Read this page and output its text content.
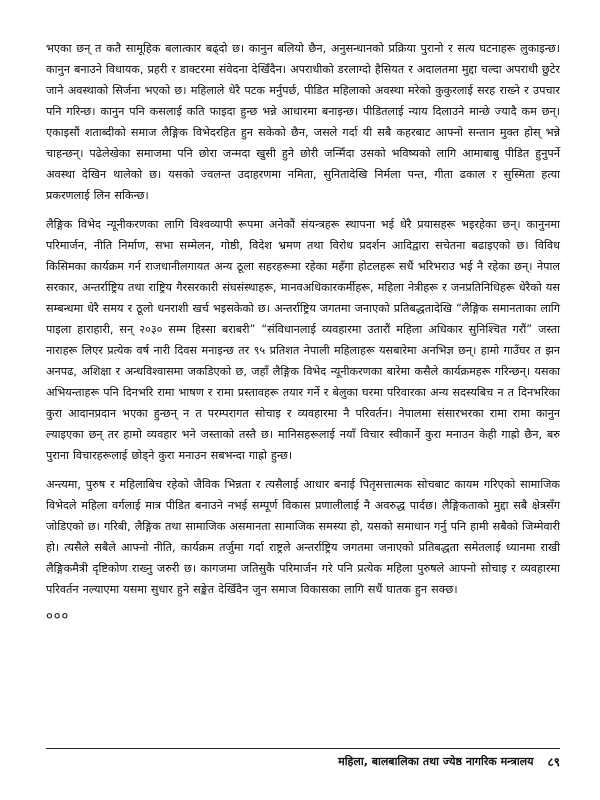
भएका छन् त कतै सामूहिक बलात्कार बढ्दो छ। कानुन बलियो छैन, अनुसन्धानको प्रक्रिया पुरानो र सत्य घटनाहरू लुकाइन्छ। कानुन बनाउने विधायक, प्रहरी र डाक्टरमा संवेदना देखिँदैन। अपराधीको डरलाग्दो हैसियत र अदालतमा मुद्दा चल्दा अपराधी छुटेर जाने अवस्थाको सिर्जना भएको छ। महिलाले धेरै पटक मर्नुपर्छ, पीडित महिलाको अवस्था मरेको कुकुरलाई सरह राख्ने र उपचार पनि गरिन्छ। कानुन पनि कसलाई कति फाइदा हुन्छ भन्ने आधारमा बनाइन्छ। पीडितलाई न्याय दिलाउने मान्छे ज्यादै कम छन्। एकाइसौं शताब्दीको समाज लैङ्गिक विभेदरहित हुन सकेको छैन, जसले गर्दा यी सबै कहरबाट आफ्नो सन्तान मुक्त होस् भन्ने चाहन्छन्। पढेलेखेका समाजमा पनि छोरा जन्मदा खुसी हुने छोरी जन्मिँदा उसको भविष्यको लागि आमाबाबु पीडित हुनुपर्ने अवस्था देखिन थालेको छ। यसको ज्वलन्त उदाहरणमा नमिता, सुनितादेखि निर्मला पन्त, गीता ढकाल र सुस्मिता हत्या प्रकरणलाई लिन सकिन्छ।

लैङ्गिक विभेद न्यूनीकरणका लागि विश्वव्यापी रूपमा अनेकौं संयन्त्रहरू स्थापना भई धेरै प्रयासहरू भइरहेका छन्। कानुनमा परिमार्जन, नीति निर्माण, सभा सम्मेलन, गोष्ठी, विदेश भ्रमण तथा विरोध प्रदर्शन आदिद्वारा सचेतना बढाइएको छ। विविध किसिमका कार्यक्रम गर्न राजधानीलगायत अन्य ठूला सहरहरूमा रहेका महँगा होटलहरू सधैं भरिभराउ भई नै रहेका छन्। नेपाल सरकार, अन्तर्राष्ट्रिय तथा राष्ट्रिय गैरसरकारी संघसंस्थाहरू, मानवअधिकारकर्मीहरू, महिला नेत्रीहरू र जनप्रतिनिधिहरू धेरैको यस सम्बन्धमा धेरै समय र ठूलो धनराशी खर्च भइसकेको छ। अन्तर्राष्ट्रिय जगतमा जनाएको प्रतिबद्धतादेखि “लैङ्गिक समानताका लागि पाइला हाराहारी, सन् २०३० सम्म हिस्सा बराबरी” “संविधानलाई व्यवहारमा उतारौं महिला अधिकार सुनिश्चित गरौं” जस्ता नाराहरू लिएर प्रत्येक वर्ष नारी दिवस मनाइन्छ तर ९५ प्रतिशत नेपाली महिलाहरू यसबारेमा अनभिज्ञ छन्। हामो गाउँघर त झन अनपढ, अशिक्षा र अन्धविश्वासमा जकडिएको छ, जहाँ लैङ्गिक विभेद न्यूनीकरणका बारेमा कसैले कार्यक्रमहरू गरिन्छन्। यसका अभियन्ताहरू पनि दिनभरि रामा भाषण र रामा प्रस्तावहरू तयार गर्ने र बेलुका घरमा परिवारका अन्य सदस्यबिच न त दिनभरिका कुरा आदानप्रदान भएका हुन्छन् न त परम्परागत सोचाइ र व्यवहारमा नै परिवर्तन। नेपालमा संसारभरका रामा रामा कानुन ल्याइएका छन् तर हामो व्यवहार भने जस्ताको तस्तै छ। मानिसहरूलाई नयाँ विचार स्वीकार्ने कुरा मनाउन केही गाह्रो छैन, बरु पुराना विचारहरूलाई छोड्ने कुरा मनाउन सबभन्दा गाह्रो हुन्छ।

अन्त्यमा, पुरुष र महिलाबिच रहेको जैविक भिन्नता र त्यसैलाई आधार बनाई पितृसत्तात्मक सोचबाट कायम गरिएको सामाजिक विभेदले महिला वर्गलाई मात्र पीडित बनाउने नभई सम्पूर्ण विकास प्रणालीलाई नै अवरुद्ध पार्दछ। लैङ्गिकताको मुद्दा सबै क्षेत्रसँग जोडिएको छ। गरिबी, लैङ्गिक तथा सामाजिक असमानता सामाजिक समस्या हो, यसको समाधान गर्नु पनि हामी सबैको जिम्मेवारी हो। त्यसैले सबैले आफ्नो नीति, कार्यक्रम तर्जुमा गर्दा राष्ट्रले अन्तर्राष्ट्रिय जगतमा जनाएको प्रतिबद्धता समेतलाई ध्यानमा राखी लैङ्गिकमैत्री दृष्टिकोण राख्नु जरुरी छ। कागजमा जतिसुकै परिमार्जन गरे पनि प्रत्येक महिला पुरुषले आफ्नो सोचाइ र व्यवहारमा परिवर्तन नल्याएमा यसमा सुधार हुने सङ्केत देखिँदैन जुन समाज विकासका लागि सधैं घातक हुन सक्छ।

०००
महिला, बालबालिका तथा ज्येष्ठ नागरिक मन्त्रालय ८९
